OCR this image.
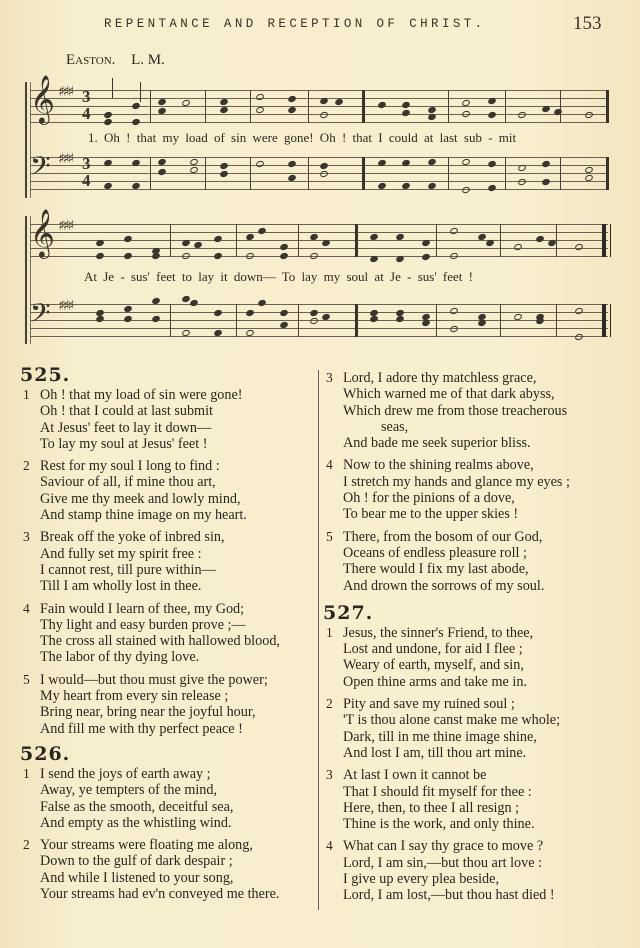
REPENTANCE AND RECEPTION OF CHRIST.	153
Easton. L. M.
𝄞 ♯♯♯ 3
4
1. Oh ! that my load of sin were gone! Oh ! that I could at last sub - mit
𝄢 ♯♯♯ 3
4
𝄞 ♯♯♯
At Je - sus' feet to lay it down— To lay my soul at Je - sus' feet !
𝄢 ♯♯♯
525.
1 Oh ! that my load of sin were gone!
Oh ! that I could at last submit
At Jesus' feet to lay it down—
To lay my soul at Jesus' feet !
2 Rest for my soul I long to find :
Saviour of all, if mine thou art,
Give me thy meek and lowly mind,
And stamp thine image on my heart.
3 Break off the yoke of inbred sin,
And fully set my spirit free :
I cannot rest, till pure within—
Till I am wholly lost in thee.
4 Fain would I learn of thee, my God;
Thy light and easy burden prove ;—
The cross all stained with hallowed blood,
The labor of thy dying love.
5 I would—but thou must give the power;
My heart from every sin release ;
Bring near, bring near the joyful hour,
And fill me with thy perfect peace !
526.
1 I send the joys of earth away ;
Away, ye tempters of the mind,
False as the smooth, deceitful sea,
And empty as the whistling wind.
2 Your streams were floating me along,
Down to the gulf of dark despair ;
And while I listened to your song,
Your streams had ev'n conveyed me there.
3 Lord, I adore thy matchless grace,
Which warned me of that dark abyss,
Which drew me from those treacherous
seas,
And bade me seek superior bliss.
4 Now to the shining realms above,
I stretch my hands and glance my eyes ;
Oh ! for the pinions of a dove,
To bear me to the upper skies !
5 There, from the bosom of our God,
Oceans of endless pleasure roll ;
There would I fix my last abode,
And drown the sorrows of my soul.
527.
1 Jesus, the sinner's Friend, to thee,
Lost and undone, for aid I flee ;
Weary of earth, myself, and sin,
Open thine arms and take me in.
2 Pity and save my ruined soul ;
'T is thou alone canst make me whole;
Dark, till in me thine image shine,
And lost I am, till thou art mine.
3 At last I own it cannot be
That I should fit myself for thee :
Here, then, to thee I all resign ;
Thine is the work, and only thine.
4 What can I say thy grace to move ?
Lord, I am sin,—but thou art love :
I give up every plea beside,
Lord, I am lost,—but thou hast died !
